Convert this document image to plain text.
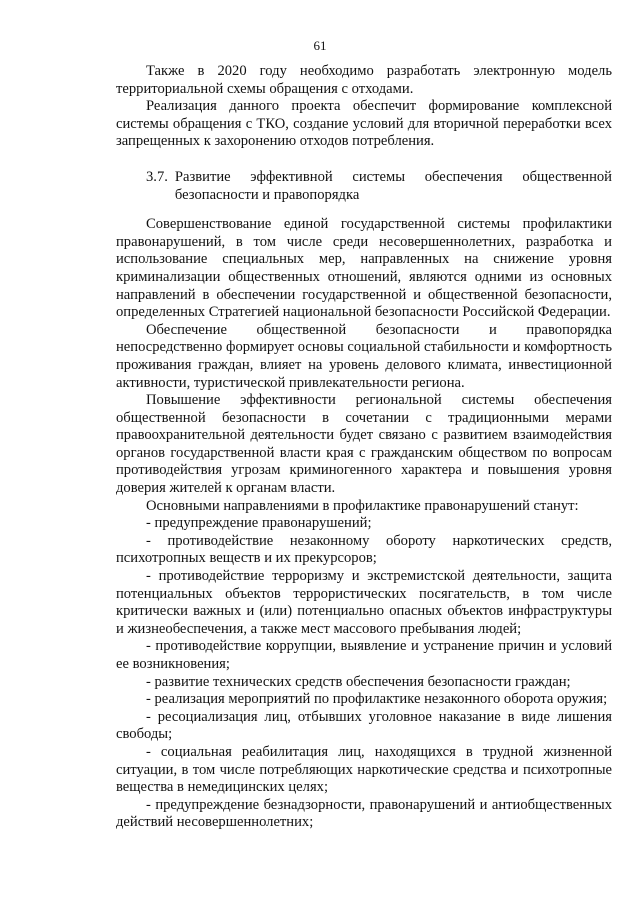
61

Также в 2020 году необходимо разработать электронную модель территориальной схемы обращения с отходами.

Реализация данного проекта обеспечит формирование комплексной системы обращения с ТКО, создание условий для вторичной переработки всех запрещенных к захоронению отходов потребления.

3.7. Развитие эффективной системы обеспечения общественной безопасности и правопорядка

Совершенствование единой государственной системы профилактики правонарушений, в том числе среди несовершеннолетних, разработка и использование специальных мер, направленных на снижение уровня криминализации общественных отношений, являются одними из основных направлений в обеспечении государственной и общественной безопасности, определенных Стратегией национальной безопасности Российской Федерации.

Обеспечение общественной безопасности и правопорядка непосредственно формирует основы социальной стабильности и комфортность проживания граждан, влияет на уровень делового климата, инвестиционной активности, туристической привлекательности региона.

Повышение эффективности региональной системы обеспечения общественной безопасности в сочетании с традиционными мерами правоохранительной деятельности будет связано с развитием взаимодействия органов государственной власти края с гражданским обществом по вопросам противодействия угрозам криминогенного характера и повышения уровня доверия жителей к органам власти.

Основными направлениями в профилактике правонарушений станут:

- предупреждение правонарушений;

- противодействие незаконному обороту наркотических средств, психотропных веществ и их прекурсоров;

- противодействие терроризму и экстремистской деятельности, защита потенциальных объектов террористических посягательств, в том числе критически важных и (или) потенциально опасных объектов инфраструктуры и жизнеобеспечения, а также мест массового пребывания людей;

- противодействие коррупции, выявление и устранение причин и условий ее возникновения;

- развитие технических средств обеспечения безопасности граждан;

- реализация мероприятий по профилактике незаконного оборота оружия;

- ресоциализация лиц, отбывших уголовное наказание в виде лишения свободы;

- социальная реабилитация лиц, находящихся в трудной жизненной ситуации, в том числе потребляющих наркотические средства и психотропные вещества в немедицинских целях;

- предупреждение безнадзорности, правонарушений и антиобщественных действий несовершеннолетних;
